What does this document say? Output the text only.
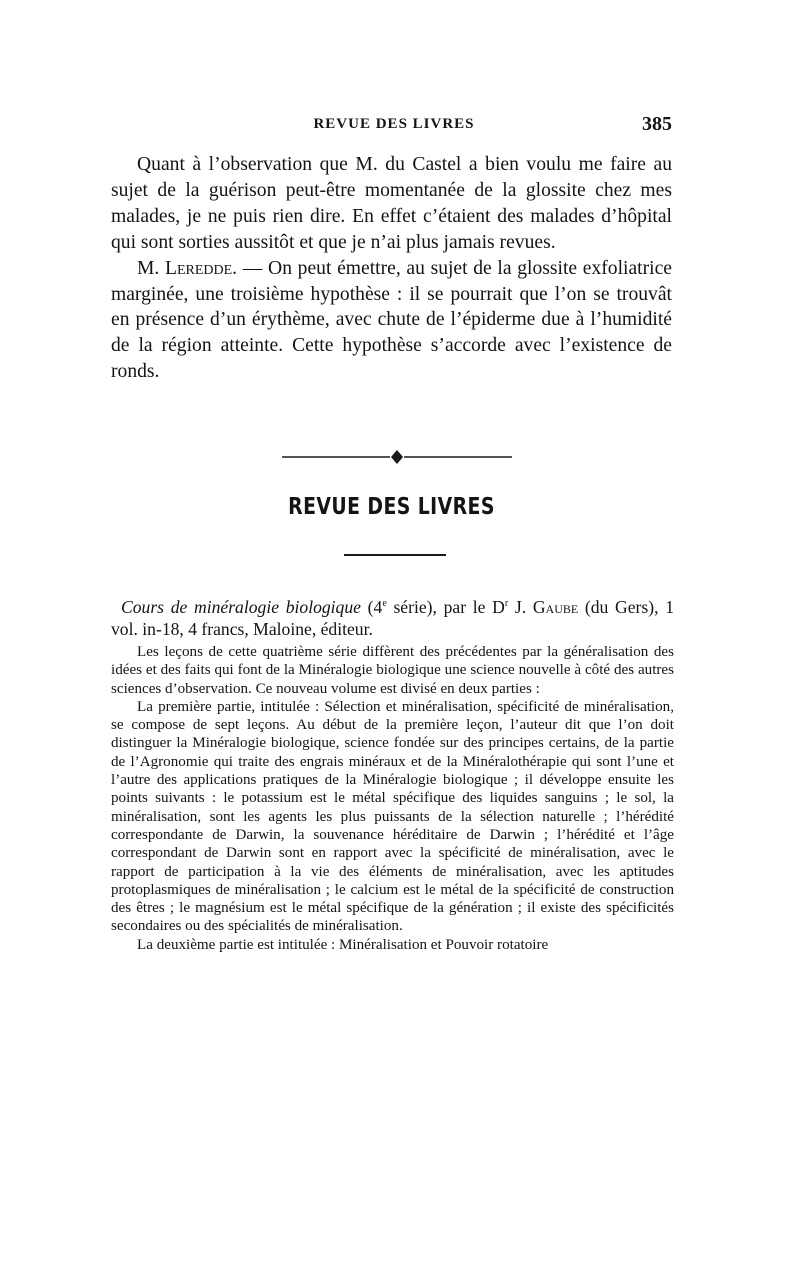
REVUE DES LIVRES	385

Quant à l’observation que M. du Castel a bien voulu me faire au sujet de la guérison peut-être momentanée de la glossite chez mes malades, je ne puis rien dire. En effet c’étaient des malades d’hôpital qui sont sorties aussitôt et que je n’ai plus jamais revues.

M. Leredde. — On peut émettre, au sujet de la glossite exfoliatrice marginée, une troisième hypothèse : il se pourrait que l’on se trouvât en présence d’un érythème, avec chute de l’épiderme due à l’humidité de la région atteinte. Cette hypothèse s’accorde avec l’existence de ronds.

REVUE DES LIVRES

Cours de minéralogie biologique (4e série), par le $D^r$ J. Gaube (du Gers), 1 vol. in-18, 4 francs, Maloine, éditeur.

Les leçons de cette quatrième série diffèrent des précédentes par la généralisation des idées et des faits qui font de la Minéralogie biologique une science nouvelle à côté des autres sciences d’observation. Ce nouveau volume est divisé en deux parties :

La première partie, intitulée : Sélection et minéralisation, spécificité de minéralisation, se compose de sept leçons. Au début de la première leçon, l’auteur dit que l’on doit distinguer la Minéralogie biologique, science fondée sur des principes certains, de la partie de l’Agronomie qui traite des engrais minéraux et de la Minéralothérapie qui sont l’une et l’autre des applications pratiques de la Minéralogie biologique ; il développe ensuite les points suivants : le potassium est le métal spécifique des liquides sanguins ; le sol, la minéralisation, sont les agents les plus puissants de la sélection naturelle ; l’hérédité correspondante de Darwin, la souvenance héréditaire de Darwin ; l’hérédité et l’âge correspondant de Darwin sont en rapport avec la spécificité de minéralisation, avec le rapport de participation à la vie des éléments de minéralisation, avec les aptitudes protoplasmiques de minéralisation ; le calcium est le métal de la spécificité de construction des êtres ; le magnésium est le métal spécifique de la génération ; il existe des spécificités secondaires ou des spécialités de minéralisation.

La deuxième partie est intitulée : Minéralisation et Pouvoir rotatoire
